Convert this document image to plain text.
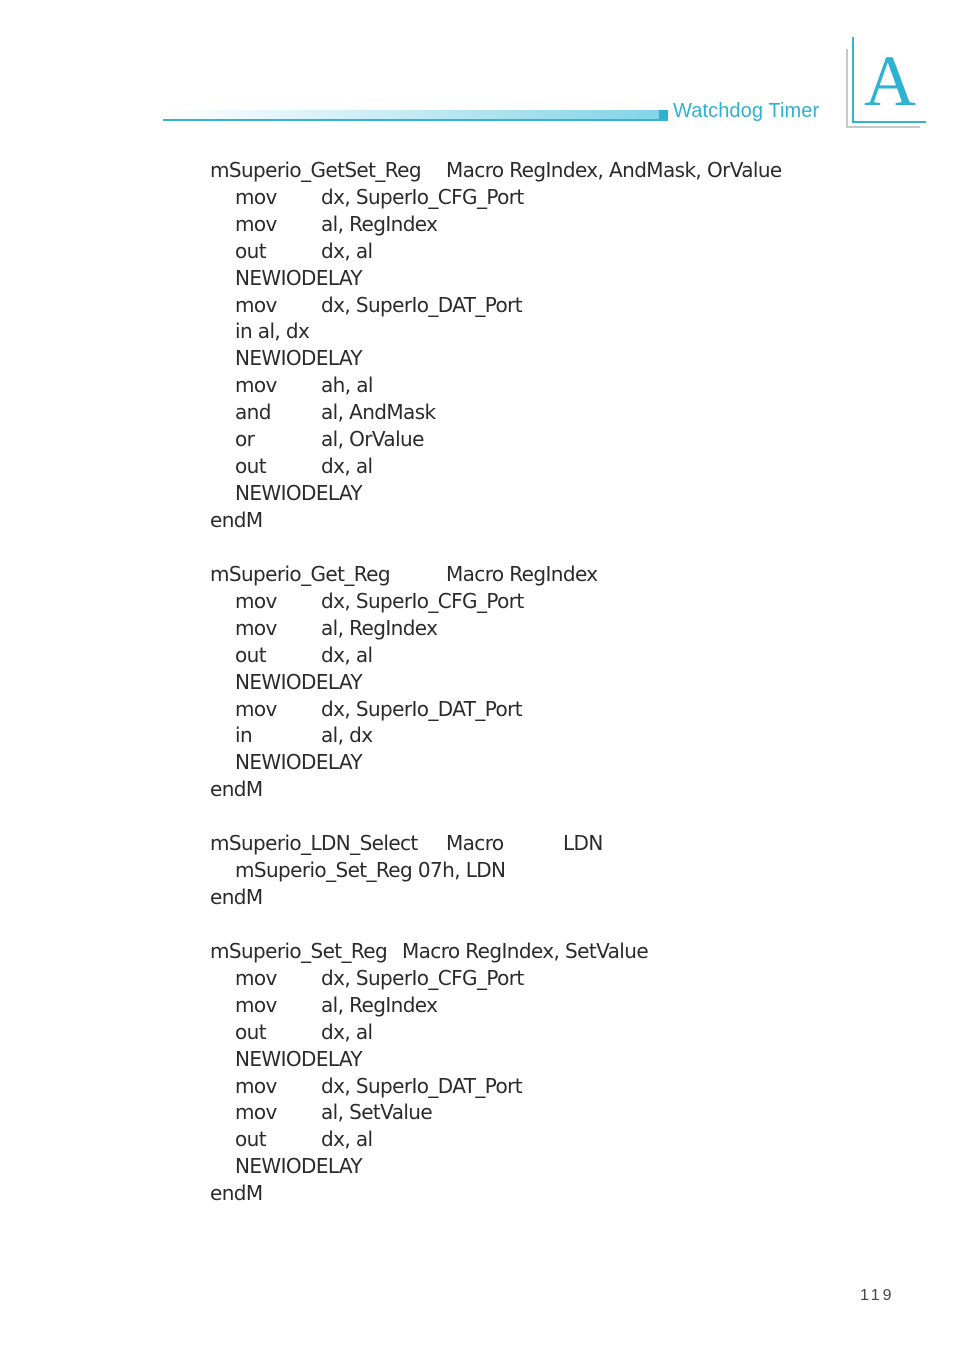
Watchdog Timer A
mSuperio_GetSet_Reg Macro RegIndex, AndMask, OrValue
mov dx, SuperIo_CFG_Port
mov al, RegIndex
out	dx, al
NEWIODELAY
mov dx, SuperIo_DAT_Port
in al, dx
NEWIODELAY
mov ah, al
and	al, AndMask
or	al, OrValue
out	dx, al
NEWIODELAY
endM
mSuperio_Get_Reg	Macro RegIndex
mov dx, SuperIo_CFG_Port
mov al, RegIndex
out	dx, al
NEWIODELAY
mov dx, SuperIo_DAT_Port
in	al, dx
NEWIODELAY
endM
mSuperio_LDN_Select Macro	LDN
mSuperio_Set_Reg 07h, LDN
endM
mSuperio_Set_Reg Macro RegIndex, SetValue
mov dx, SuperIo_CFG_Port
mov al, RegIndex
out	dx, al
NEWIODELAY
mov dx, SuperIo_DAT_Port
mov al, SetValue
out	dx, al
NEWIODELAY
endM
119
